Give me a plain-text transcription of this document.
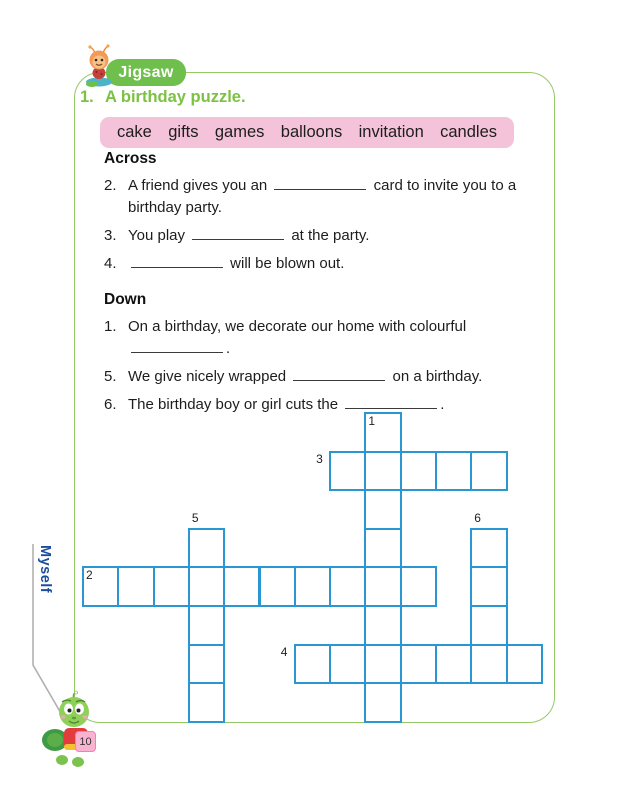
Myself
Jigsaw
1. A birthday puzzle.
cake gifts games balloons invitation candles
Across
2. A friend gives you an	card to invite you to a birthday party.
3. You play	at the party.
4.	will be blown out.
Down
1. On a birthday, we decorate our home with colourful .
5. We give nicely wrapped	on a birthday.
6. The birthday boy or girl cuts the	.
1
2
3
4
5	6
10
